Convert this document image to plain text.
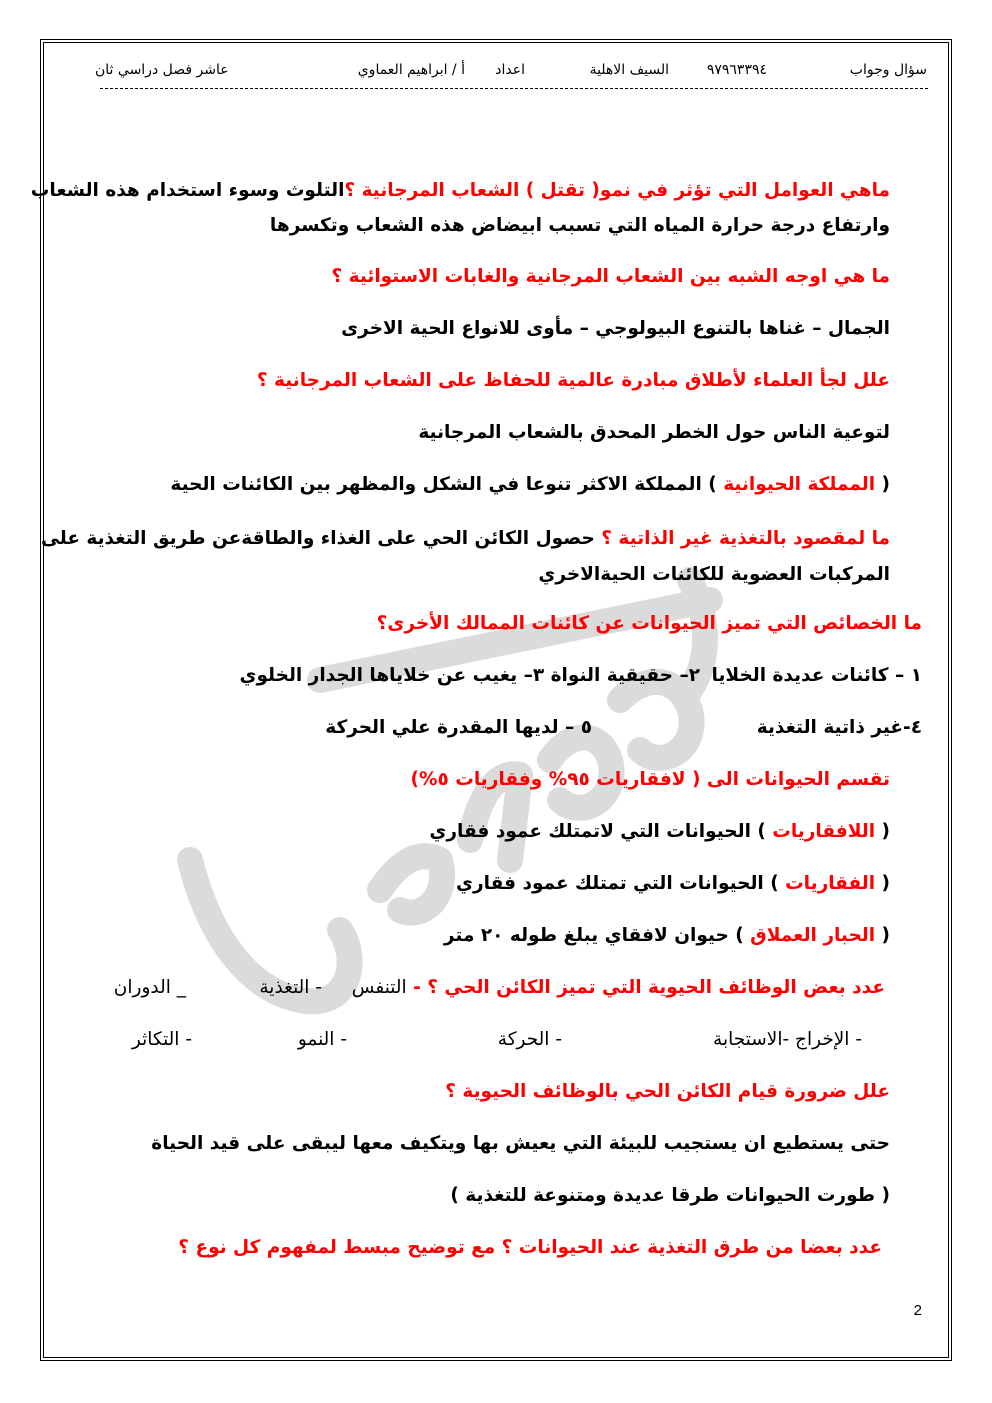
سؤال وجواب
٩٧٩٦٣٣٩٤
السيف الاهلية
اعداد
أ / ابراهيم العماوي
عاشر فصل دراسي ثان
ماهي العوامل التي تؤثر في نمو( تقتل ) الشعاب المرجانية ؟التلوث وسوء استخدام هذه الشعاب
وارتفاع درجة حرارة المياه التي تسبب ابيضاض هذه الشعاب وتكسرها
ما هي اوجه الشبه بين الشعاب المرجانية والغابات الاستوائية ؟
الجمال – غناها بالتنوع البيولوجي – مأوى للانواع الحية الاخرى
علل لجأ العلماء لأطلاق مبادرة عالمية للحفاظ على الشعاب المرجانية ؟
لتوعية الناس حول الخطر المحدق بالشعاب المرجانية
( المملكة الحيوانية ) المملكة الاكثر تنوعا في الشكل والمظهر بين الكائنات الحية
ما لمقصود بالتغذية غير الذاتية ؟ حصول الكائن الحي على الغذاء والطاقةعن طريق التغذية على
المركبات العضوية للكائنات الحيةالاخري
ما الخصائص التي تميز الحيوانات عن كائنات الممالك الأخرى؟
١ – كائنات عديدة الخلايا
٢– حقيقية النواة ٣– يغيب عن خلاياها الجدار الخلوي
٤-غير ذاتية التغذية
٥ – لديها المقدرة علي الحركة
تقسم الحيوانات الى ( لافقاريات ٩٥% وفقاريات ٥%)
( اللافقاريات ) الحيوانات التي لاتمتلك عمود فقاري
( الفقاريات ) الحيوانات التي تمتلك عمود فقاري
( الحبار العملاق ) حيوان لافقاي يبلغ طوله ٢٠ متر
عدد بعض الوظائف الحيوية التي تميز الكائن الحي ؟ - التنفس
- التغذية
_ الدوران
- الإخراج -الاستجابة
- الحركة
- النمو
- التكاثر
علل ضرورة قيام الكائن الحي بالوظائف الحيوية ؟
حتى يستطيع ان يستجيب للبيئة التي يعيش بها ويتكيف معها ليبقى على قيد الحياة
( طورت الحيوانات طرقا عديدة ومتنوعة للتغذية )
عدد بعضا من طرق التغذية عند الحيوانات ؟ مع توضيح مبسط لمفهوم كل نوع ؟
2
